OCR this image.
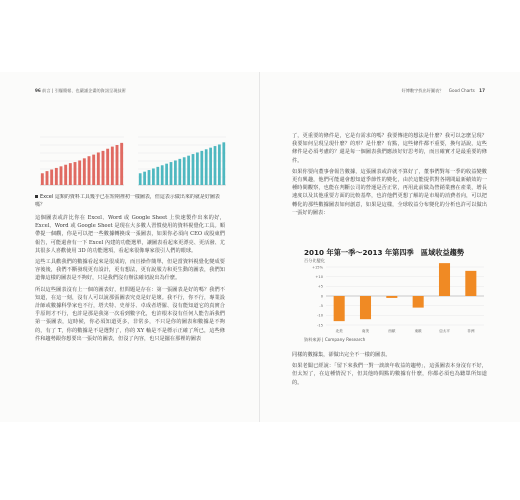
96 前言 | 引爆簡報、也嚴謹企畫的資訊呈現技術
Excel 這類的資料工具幾乎已在短期裡初一樣圖表，但這表示做出來的就是好圖表嗎？

這個圖表或許比你在 Excel、Word 或 Google Sheet 上快速製作出來的好，Excel、Word 或 Google Sheet 是現在大多數人習慣使用的資料視覺化工具。順帶提一個觀，你是可以把一些數據轉換成一張圖表，如果你必須向 CEO 或股東們報告，可能還會有一下 Excel 內建的功能選單，讓圖表看起來更漂亮、更活潑、尤其很多人喜歡使用 3D 的功能選項，看起來很像專家很引人們的眼球。

這些工具歡我們的數據看起來是很成的，而且操作簡單，但是當資料視覺化變成要容後後，我們不斷發現更有設計，更有想法，更有說服力和更生動的圖表，我們知道像這樣的圖表是不夠好，只是我們沒有辦法確切說出為什麼。

所以這些圖表沒有上一個的圖表好，但問題是存在：第一張圖表是好的嗎？我們不知道，在這一刻，沒有人可以說那張圖表究竟是好是壞。我不行，你不行，專業設計師或數據科學家也不行，塔夫特、史蒂芬、卓成者塔羅、沒有能知道它的真實合乎原則才不行，也許是那是我第一次看到數字化，也許根本沒有任何人能告訴我們第一張圖表，這時候，你必須知道更多，非常多，不只是你的圖表和數據是不夠的，有了 T，你的數據是不是選對了，你的 XY 軸是不是標示正確了所已，這些條件和趨勢跟你想要出一張好的圖表，但沒了內容，也只是擺在那裡的圖表

好博數字找出好圖表？ Good Charts 17

了，更重要的條件是，它是有需求的嗎？我要傳達的想法是什麼？我可以怎麼呈現？我要如何呈現呈現什麼？的形？是什麼？有點，這些條件都不重要，換句話說，這些條件是必須考慮的？還是每一個圖表我們應該好好思考的，而且確實才是最重要的條件。

如果你要向董事會報告數據，這張圖表或許就不算好了，董事們對每一季的收益變數更有興趣，他們可能還會想知道季節性的變化，由於這能提供對各期間最新績效的一種時間觀察，也能在判斷公司的營運是否正常，再用此前做為營銷業務在產業，增長速度以及其他重要方面的比較基準，也許他們更想了解的是市場的消費者向，可以把轉化的那些數據圖表如何創意，如果是這樣，全球收益分布變化的分析也許可以做出一張好的圖表：

2010 年第一季～2013 年第四季　區域收益趨勢
百分比變化
+15%
+10
+5
0
-5
-10
-15
北美	南美	西歐	東歐	亞太平	非洲
資料來源 | Company Research

同樣的數據集，卻做出完全不一樣的圖表。

如果老闆已經說：「留下來我們一對一談談年收益的趨勢」，這張圖表本身沒有不好，但太短了，在這種情況下，但其他時間點的數據有什麼，你都必須也為聽眾所知道的。
